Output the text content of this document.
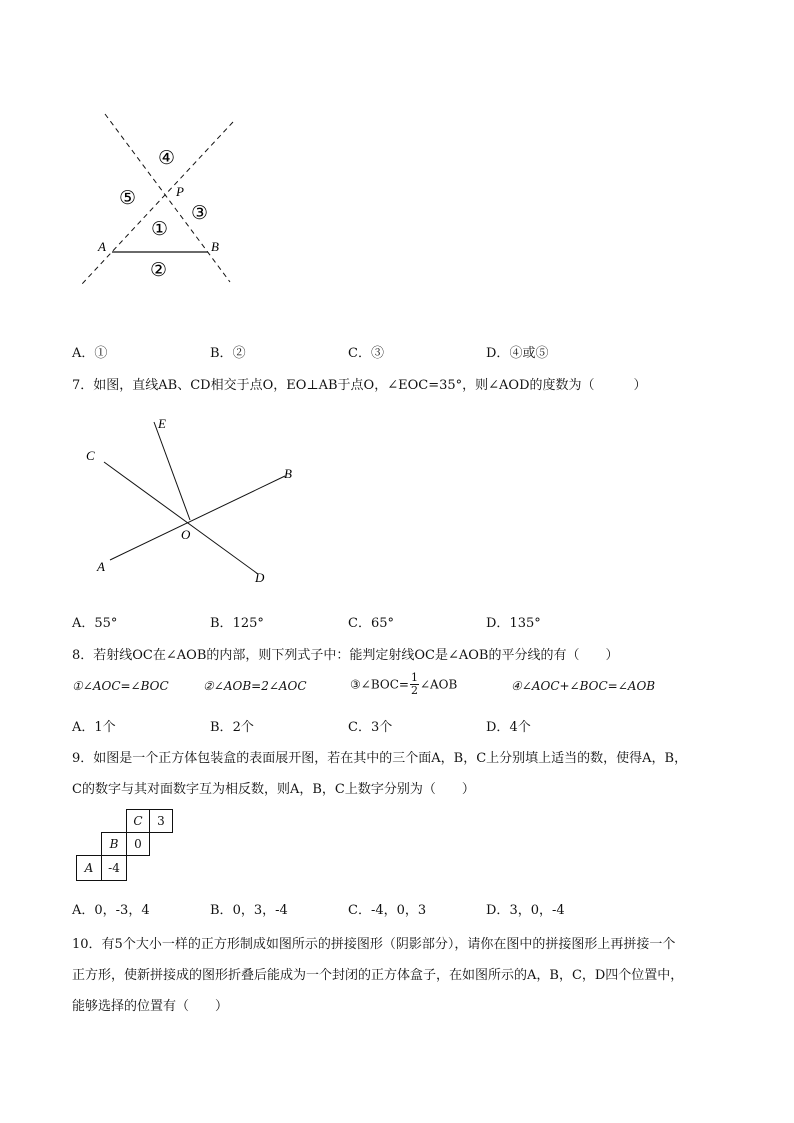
P
A	B
①
②
③
④
⑤
A．①	B．②	C．③	D．④或⑤
7．如图，直线AB、CD相交于点O，EO⊥AB于点O，∠EOC=35°，则∠AOD的度数为（　　　）
E
C
B
O
A
D
A．55°	B．125°	C．65°	D．135°
8．若射线OC在∠AOB的内部，则下列式子中：能判定射线OC是∠AOB的平分线的有（　　）
①∠AOC=∠BOC	②∠AOB=2∠AOC	③∠BOC= $\frac{1}{2}$ ∠AOB	④∠AOC+∠BOC=∠AOB
A．1个	B．2个	C．3个	D．4个
9．如图是一个正方体包装盒的表面展开图，若在其中的三个面A，B，C上分别填上适当的数，使得A，B，
C的数字与其对面数字互为相反数，则A，B，C上数字分别为（　　）
C	3
B	0
A	-4
A．0，-3，4	B．0，3，-4	C．-4，0，3	D．3，0，-4
10．有5个大小一样的正方形制成如图所示的拼接图形（阴影部分），请你在图中的拼接图形上再拼接一个
正方形，使新拼接成的图形折叠后能成为一个封闭的正方体盒子，在如图所示的A，B，C，D四个位置中，
能够选择的位置有（　　）
